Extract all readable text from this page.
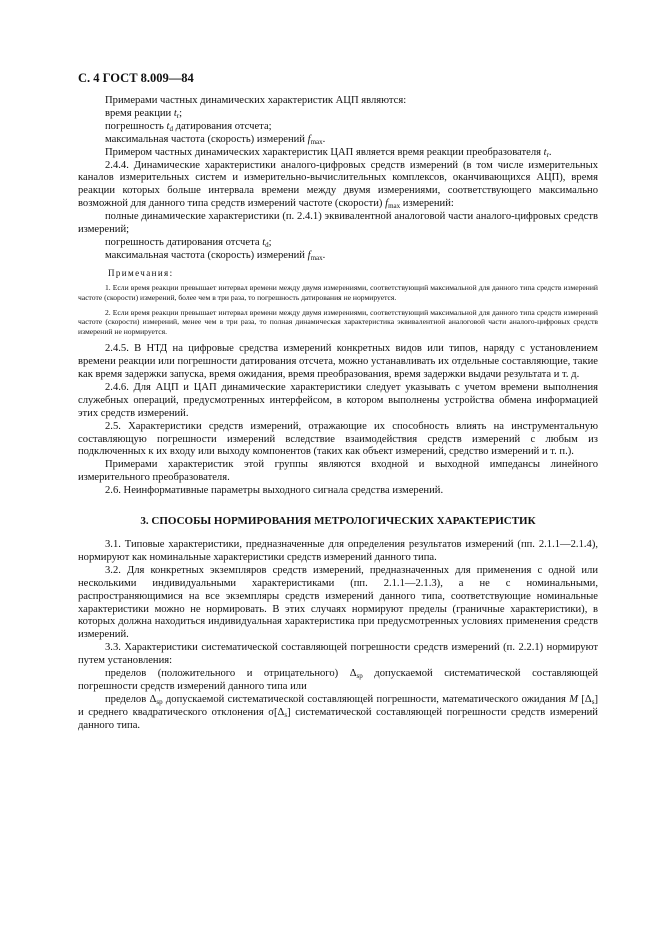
С. 4 ГОСТ 8.009—84

Примерами частных динамических характеристик АЦП являются:

время реакции $t_r$;

погрешность $t_d$ датирования отсчета;

максимальная частота (скорость) измерений $f_{max}$.

Примером частных динамических характеристик ЦАП является время реакции преобразователя $t_r$.

2.4.4. Динамические характеристики аналого-цифровых средств измерений (в том числе измерительных каналов измерительных систем и измерительно-вычислительных комплексов, оканчивающихся АЦП), время реакции которых больше интервала времени между двумя измерениями, соответствующего максимально возможной для данного типа средств измерений частоте (скорости) $f_{max}$ измерений:

полные динамические характеристики (п. 2.4.1) эквивалентной аналоговой части аналого-цифровых средств измерений;

погрешность датирования отсчета $t_d$;

максимальная частота (скорость) измерений $f_{max}$.

Примечания:

1. Если время реакции превышает интервал времени между двумя измерениями, соответствующий максимальной для данного типа средств измерений частоте (скорости) измерений, более чем в три раза, то погрешность датирования не нормируется.

2. Если время реакции превышает интервал времени между двумя измерениями, соответствующий максимальной для данного типа средств измерений частоте (скорости) измерений, менее чем в три раза, то полная динамическая характеристика эквивалентной аналоговой части аналого-цифровых средств измерений не нормируется.

2.4.5. В НТД на цифровые средства измерений конкретных видов или типов, наряду с установлением времени реакции или погрешности датирования отсчета, можно устанавливать их отдельные составляющие, такие как время задержки запуска, время ожидания, время преобразования, время задержки выдачи результата и т. д.

2.4.6. Для АЦП и ЦАП динамические характеристики следует указывать с учетом времени выполнения служебных операций, предусмотренных интерфейсом, в котором выполнены устройства обмена информацией этих средств измерений.

2.5. Характеристики средств измерений, отражающие их способность влиять на инструментальную составляющую погрешности измерений вследствие взаимодействия средств измерений с любым из подключенных к их входу или выходу компонентов (таких как объект измерений, средство измерений и т. п.).

Примерами характеристик этой группы являются входной и выходной импедансы линейного измерительного преобразователя.

2.6. Неинформативные параметры выходного сигнала средства измерений.

3. СПОСОБЫ НОРМИРОВАНИЯ МЕТРОЛОГИЧЕСКИХ ХАРАКТЕРИСТИК

3.1. Типовые характеристики, предназначенные для определения результатов измерений (пп. 2.1.1—2.1.4), нормируют как номинальные характеристики средств измерений данного типа.

3.2. Для конкретных экземпляров средств измерений, предназначенных для применения с одной или несколькими индивидуальными характеристиками (пп. 2.1.1—2.1.3), а не с номинальными, распространяющимися на все экземпляры средств измерений данного типа, соответствующие номинальные характеристики можно не нормировать. В этих случаях нормируют пределы (граничные характеристики), в которых должна находиться индивидуальная характеристика при предусмотренных условиях применения средств измерений.

3.3. Характеристики систематической составляющей погрешности средств измерений (п. 2.2.1) нормируют путем установления:

пределов (положительного и отрицательного) $\Delta_{sp}$ допускаемой систематической составляющей погрешности средств измерений данного типа или

пределов $\Delta_{sp}$ допускаемой систематической составляющей погрешности, математического ожидания M $[\Delta_s]$ и среднего квадратического отклонения $\sigma[\Delta_s]$ систематической составляющей погрешности средств измерений данного типа.
